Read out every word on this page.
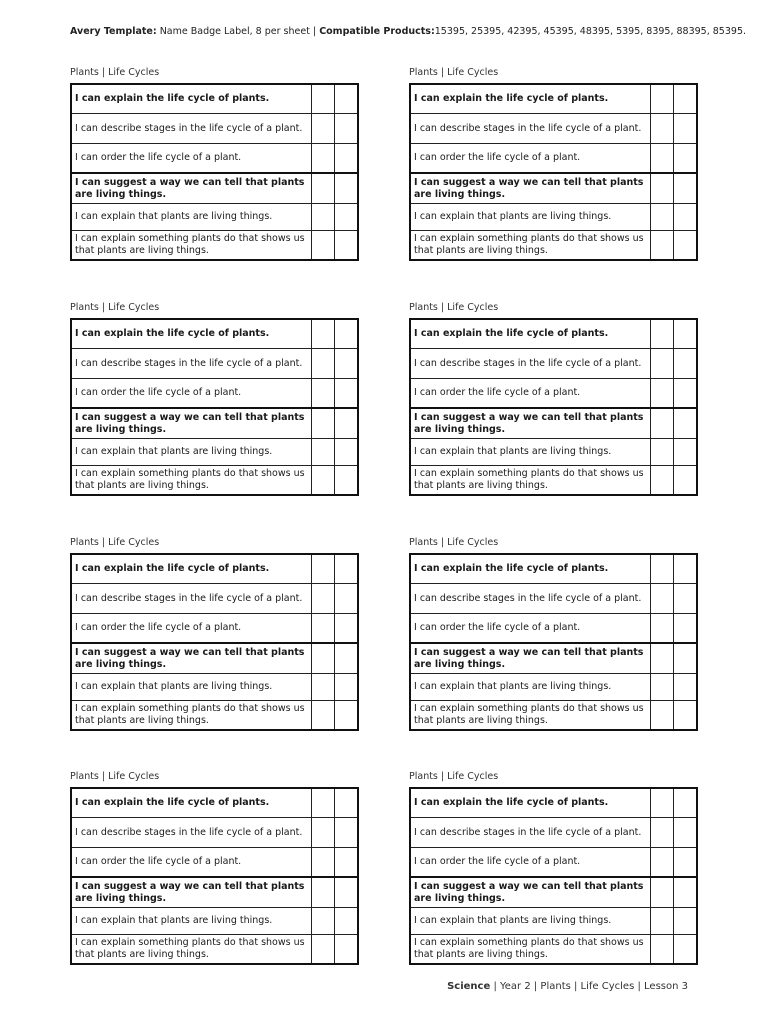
Avery Template: Name Badge Label, 8 per sheet | Compatible Products:15395, 25395, 42395, 45395, 48395, 5395, 8395, 88395, 85395.
Plants | Life Cycles
I can explain the life cycle of plants.		
I can describe stages in the life cycle of a plant.		
I can order the life cycle of a plant.		
I can suggest a way we can tell that plants are living things.		
I can explain that plants are living things.		
I can explain something plants do that shows us that plants are living things.		
Plants | Life Cycles
I can explain the life cycle of plants.		
I can describe stages in the life cycle of a plant.		
I can order the life cycle of a plant.		
I can suggest a way we can tell that plants are living things.		
I can explain that plants are living things.		
I can explain something plants do that shows us that plants are living things.		
Plants | Life Cycles
I can explain the life cycle of plants.		
I can describe stages in the life cycle of a plant.		
I can order the life cycle of a plant.		
I can suggest a way we can tell that plants are living things.		
I can explain that plants are living things.		
I can explain something plants do that shows us that plants are living things.		
Plants | Life Cycles
I can explain the life cycle of plants.		
I can describe stages in the life cycle of a plant.		
I can order the life cycle of a plant.		
I can suggest a way we can tell that plants are living things.		
I can explain that plants are living things.		
I can explain something plants do that shows us that plants are living things.		
Plants | Life Cycles
I can explain the life cycle of plants.		
I can describe stages in the life cycle of a plant.		
I can order the life cycle of a plant.		
I can suggest a way we can tell that plants are living things.		
I can explain that plants are living things.		
I can explain something plants do that shows us that plants are living things.		
Plants | Life Cycles
I can explain the life cycle of plants.		
I can describe stages in the life cycle of a plant.		
I can order the life cycle of a plant.		
I can suggest a way we can tell that plants are living things.		
I can explain that plants are living things.		
I can explain something plants do that shows us that plants are living things.		
Plants | Life Cycles
I can explain the life cycle of plants.		
I can describe stages in the life cycle of a plant.		
I can order the life cycle of a plant.		
I can suggest a way we can tell that plants are living things.		
I can explain that plants are living things.		
I can explain something plants do that shows us that plants are living things.		
Plants | Life Cycles
I can explain the life cycle of plants.		
I can describe stages in the life cycle of a plant.		
I can order the life cycle of a plant.		
I can suggest a way we can tell that plants are living things.		
I can explain that plants are living things.		
I can explain something plants do that shows us that plants are living things.		
Science | Year 2 | Plants | Life Cycles | Lesson 3
